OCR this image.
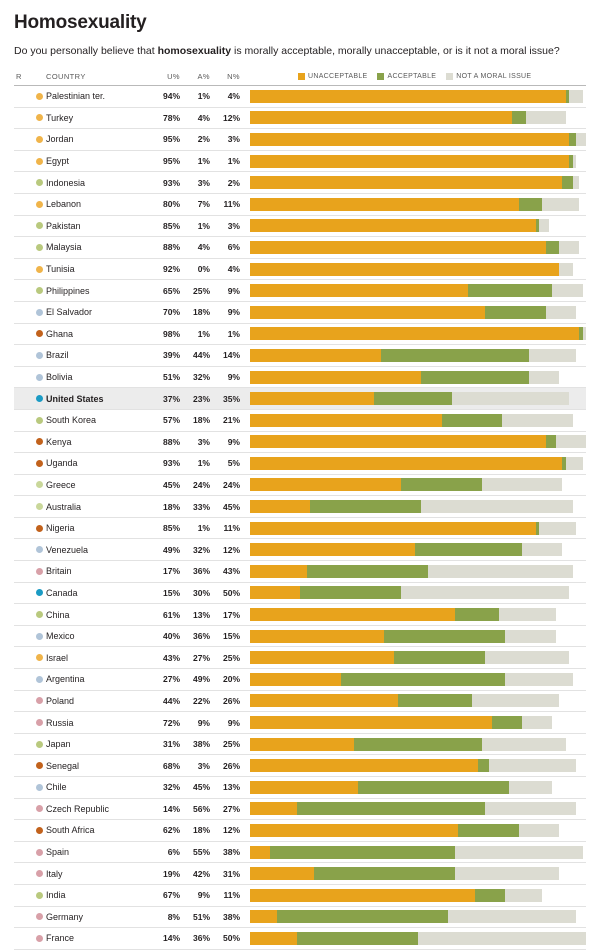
Homosexuality

Do you personally believe that homosexuality is morally acceptable, morally unacceptable, or is it not a moral issue?

R	COUNTRY	U%	A%	N%	UNACCEPTABLE	ACCEPTABLE	NOT A MORAL ISSUE
Palestinian ter.	94%	1%	4%
Turkey	78%	4%	12%
Jordan	95%	2%	3%
Egypt	95%	1%	1%
Indonesia	93%	3%	2%
Lebanon	80%	7%	11%
Pakistan	85%	1%	3%
Malaysia	88%	4%	6%
Tunisia	92%	0%	4%
Philippines	65%	25%	9%
El Salvador	70%	18%	9%
Ghana	98%	1%	1%
Brazil	39%	44%	14%
Bolivia	51%	32%	9%
United States	37%	23%	35%
South Korea	57%	18%	21%
Kenya	88%	3%	9%
Uganda	93%	1%	5%
Greece	45%	24%	24%
Australia	18%	33%	45%
Nigeria	85%	1%	11%
Venezuela	49%	32%	12%
Britain	17%	36%	43%
Canada	15%	30%	50%
China	61%	13%	17%
Mexico	40%	36%	15%
Israel	43%	27%	25%
Argentina	27%	49%	20%
Poland	44%	22%	26%
Russia	72%	9%	9%
Japan	31%	38%	25%
Senegal	68%	3%	26%
Chile	32%	45%	13%
Czech Republic	14%	56%	27%
South Africa	62%	18%	12%
Spain	6%	55%	38%
Italy	19%	42%	31%
India	67%	9%	11%
Germany	8%	51%	38%
France	14%	36%	50%
